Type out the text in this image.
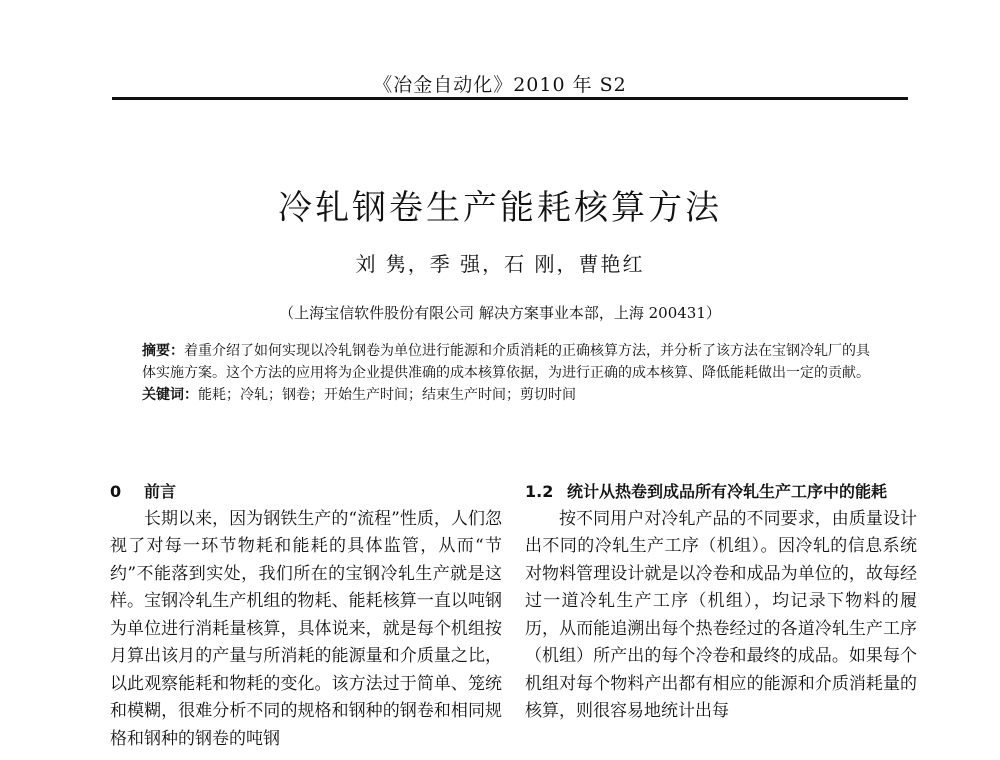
《冶金自动化》2010 年 S2
冷轧钢卷生产能耗核算方法
刘 隽，季 强，石 刚，曹艳红
（上海宝信软件股份有限公司 解决方案事业本部，上海 200431）

摘要：着重介绍了如何实现以冷轧钢卷为单位进行能源和介质消耗的正确核算方法，并分析了该方法在宝钢冷轧厂的具体实施方案。这个方法的应用将为企业提供准确的成本核算依据，为进行正确的成本核算、降低能耗做出一定的贡献。

关键词：能耗；冷轧；钢卷；开始生产时间；结束生产时间；剪切时间

0 前言

长期以来，因为钢铁生产的“流程”性质，人们忽视了对每一环节物耗和能耗的具体监管，从而“节约”不能落到实处，我们所在的宝钢冷轧生产就是这样。宝钢冷轧生产机组的物耗、能耗核算一直以吨钢为单位进行消耗量核算，具体说来，就是每个机组按月算出该月的产量与所消耗的能源量和介质量之比，以此观察能耗和物耗的变化。该方法过于简单、笼统和模糊，很难分析不同的规格和钢种的钢卷和相同规格和钢种的钢卷的吨钢

1.2 统计从热卷到成品所有冷轧生产工序中的能耗

按不同用户对冷轧产品的不同要求，由质量设计出不同的冷轧生产工序（机组）。因冷轧的信息系统对物料管理设计就是以冷卷和成品为单位的，故每经过一道冷轧生产工序（机组），均记录下物料的履历，从而能追溯出每个热卷经过的各道冷轧生产工序（机组）所产出的每个冷卷和最终的成品。如果每个机组对每个物料产出都有相应的能源和介质消耗量的核算，则很容易地统计出每
